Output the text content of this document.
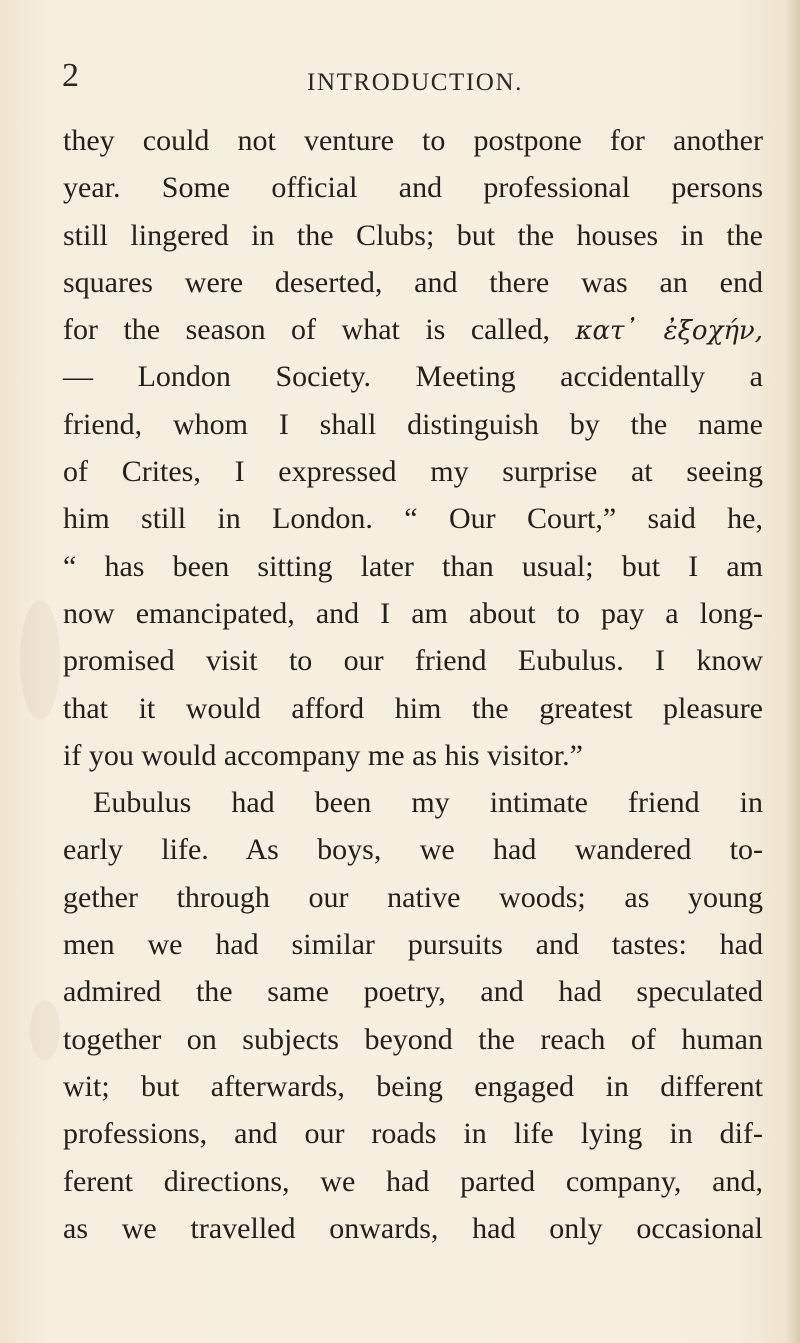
2	INTRODUCTION.
they could not venture to postpone for another
year. Some official and professional persons
still lingered in the Clubs; but the houses in the
squares were deserted, and there was an end
for the season of what is called, κατ᾽ ἐξοχήν,
— London Society. Meeting accidentally a
friend, whom I shall distinguish by the name
of Crites, I expressed my surprise at seeing
him still in London. “ Our Court,” said he,
“ has been sitting later than usual; but I am
now emancipated, and I am about to pay a long-
promised visit to our friend Eubulus. I know
that it would afford him the greatest pleasure
if you would accompany me as his visitor.”
Eubulus had been my intimate friend in
early life. As boys, we had wandered to-
gether through our native woods; as young
men we had similar pursuits and tastes: had
admired the same poetry, and had speculated
together on subjects beyond the reach of human
wit; but afterwards, being engaged in different
professions, and our roads in life lying in dif-
ferent directions, we had parted company, and,
as we travelled onwards, had only occasional
